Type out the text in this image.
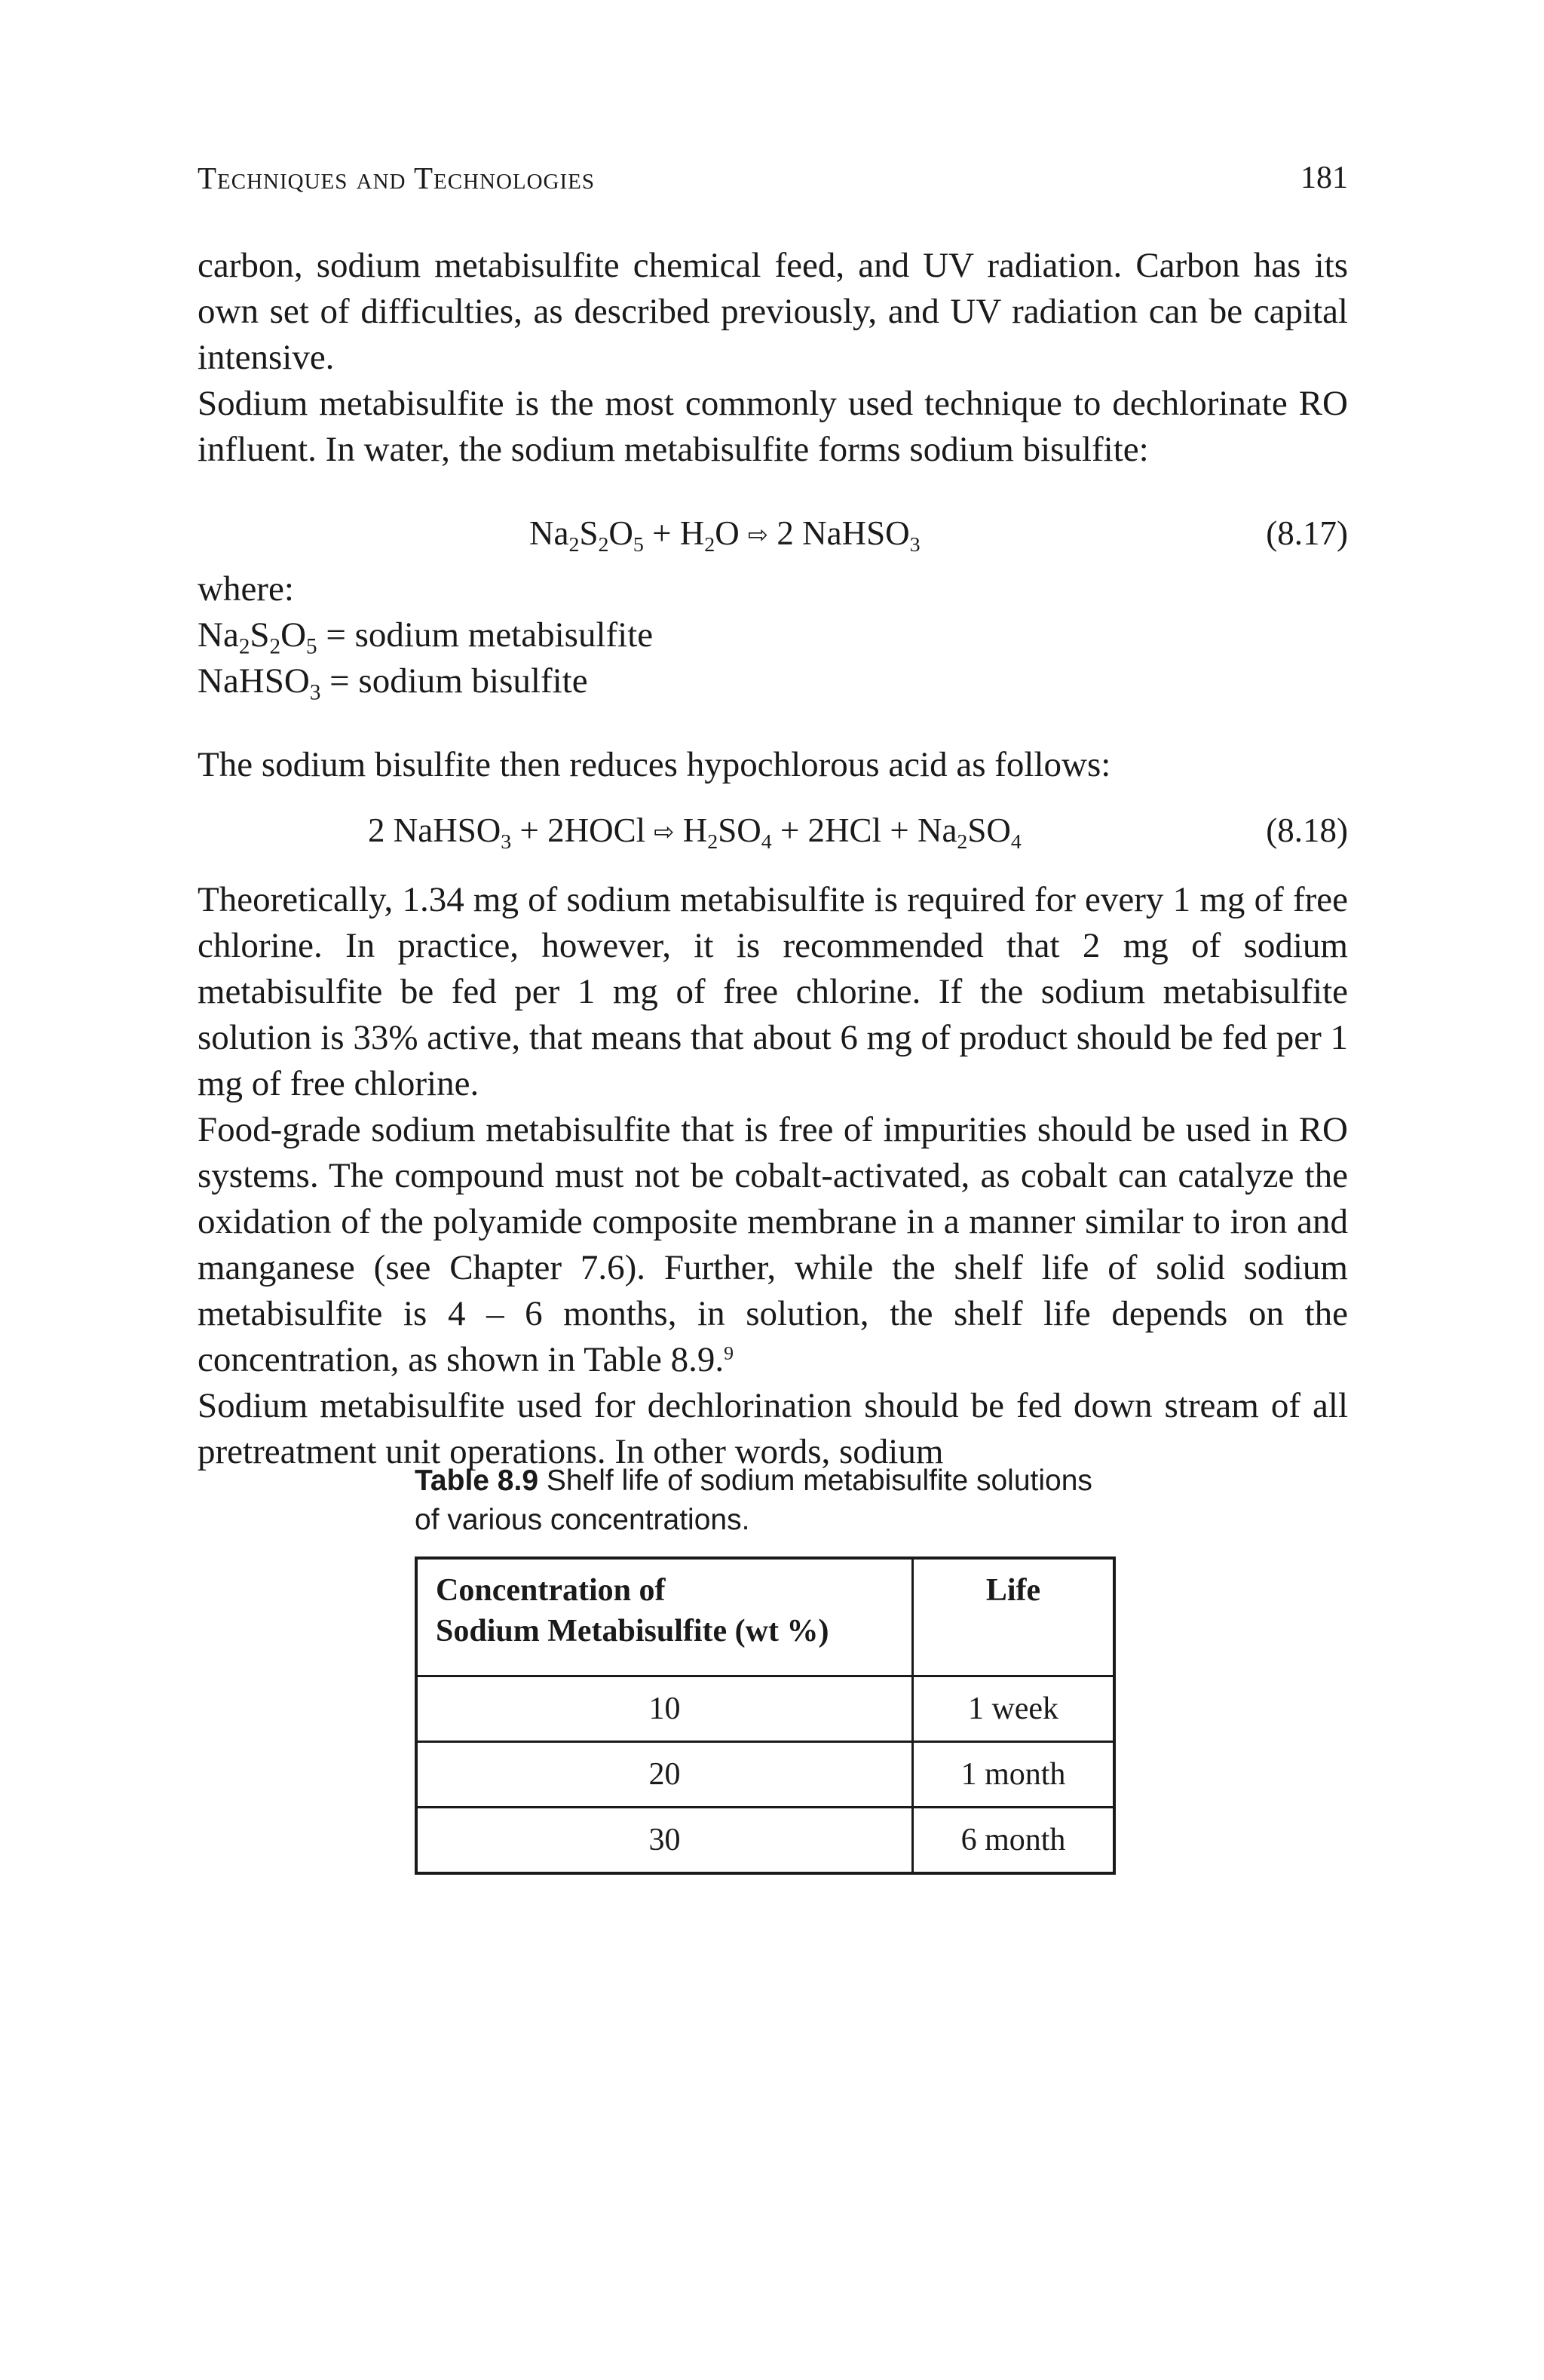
Techniques and Technologies	181

carbon, sodium metabisulfite chemical feed, and UV radiation. Carbon has its own set of difficulties, as described previously, and UV radiation can be capital intensive.

Sodium metabisulfite is the most commonly used technique to dechlorinate RO influent. In water, the sodium metabisulfite forms sodium bisulfite:

$Na_2S_2O_5 + H_2O$ ⇨ 2 NaHSO$_3$	(8.17)

where:

$Na_2S_2O_5$ = sodium metabisulfite

NaHSO$_3$ = sodium bisulfite

The sodium bisulfite then reduces hypochlorous acid as follows:

2 NaHSO$_3$ + 2HOCl ⇨ $H_2SO_4 + 2HCl + Na_2SO_4$	(8.18)

Theoretically, 1.34 mg of sodium metabisulfite is required for every 1 mg of free chlorine. In practice, however, it is recommended that 2 mg of sodium metabisulfite be fed per 1 mg of free chlorine. If the sodium metabisulfite solution is 33% active, that means that about 6 mg of product should be fed per 1 mg of free chlorine.

Food-grade sodium metabisulfite that is free of impurities should be used in RO systems. The compound must not be cobalt-activated, as cobalt can catalyze the oxidation of the polyamide composite membrane in a manner similar to iron and manganese (see Chapter 7.6). Further, while the shelf life of solid sodium metabisulfite is 4 – 6 months, in solution, the shelf life depends on the concentration, as shown in Table 8.9.$^9$

Sodium metabisulfite used for dechlorination should be fed down stream of all pretreatment unit operations. In other words, sodium

Table 8.9 Shelf life of sodium metabisulfite solutions of various concentrations.

Concentration of
Sodium Metabisulfite (wt %)	Life
10	1 week
20	1 month
30	6 month
